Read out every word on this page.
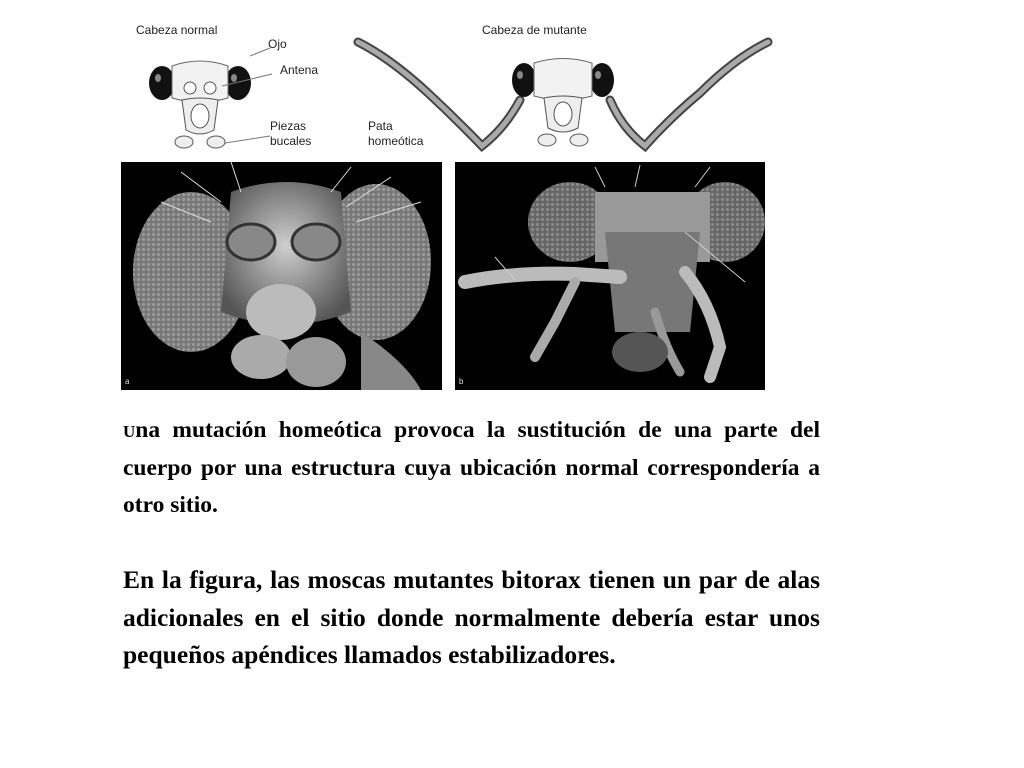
Cabeza normal
Ojo
Antena
Piezas
bucales
Cabeza de mutante
Pata
homeótica
a	b

Una mutación homeótica provoca la sustitución de una parte del cuerpo por una estructura cuya ubicación normal correspondería a otro sitio.

En la figura, las moscas mutantes bitorax tienen un par de alas adicionales en el sitio donde normalmente debería estar unos pequeños apéndices llamados estabilizadores.
